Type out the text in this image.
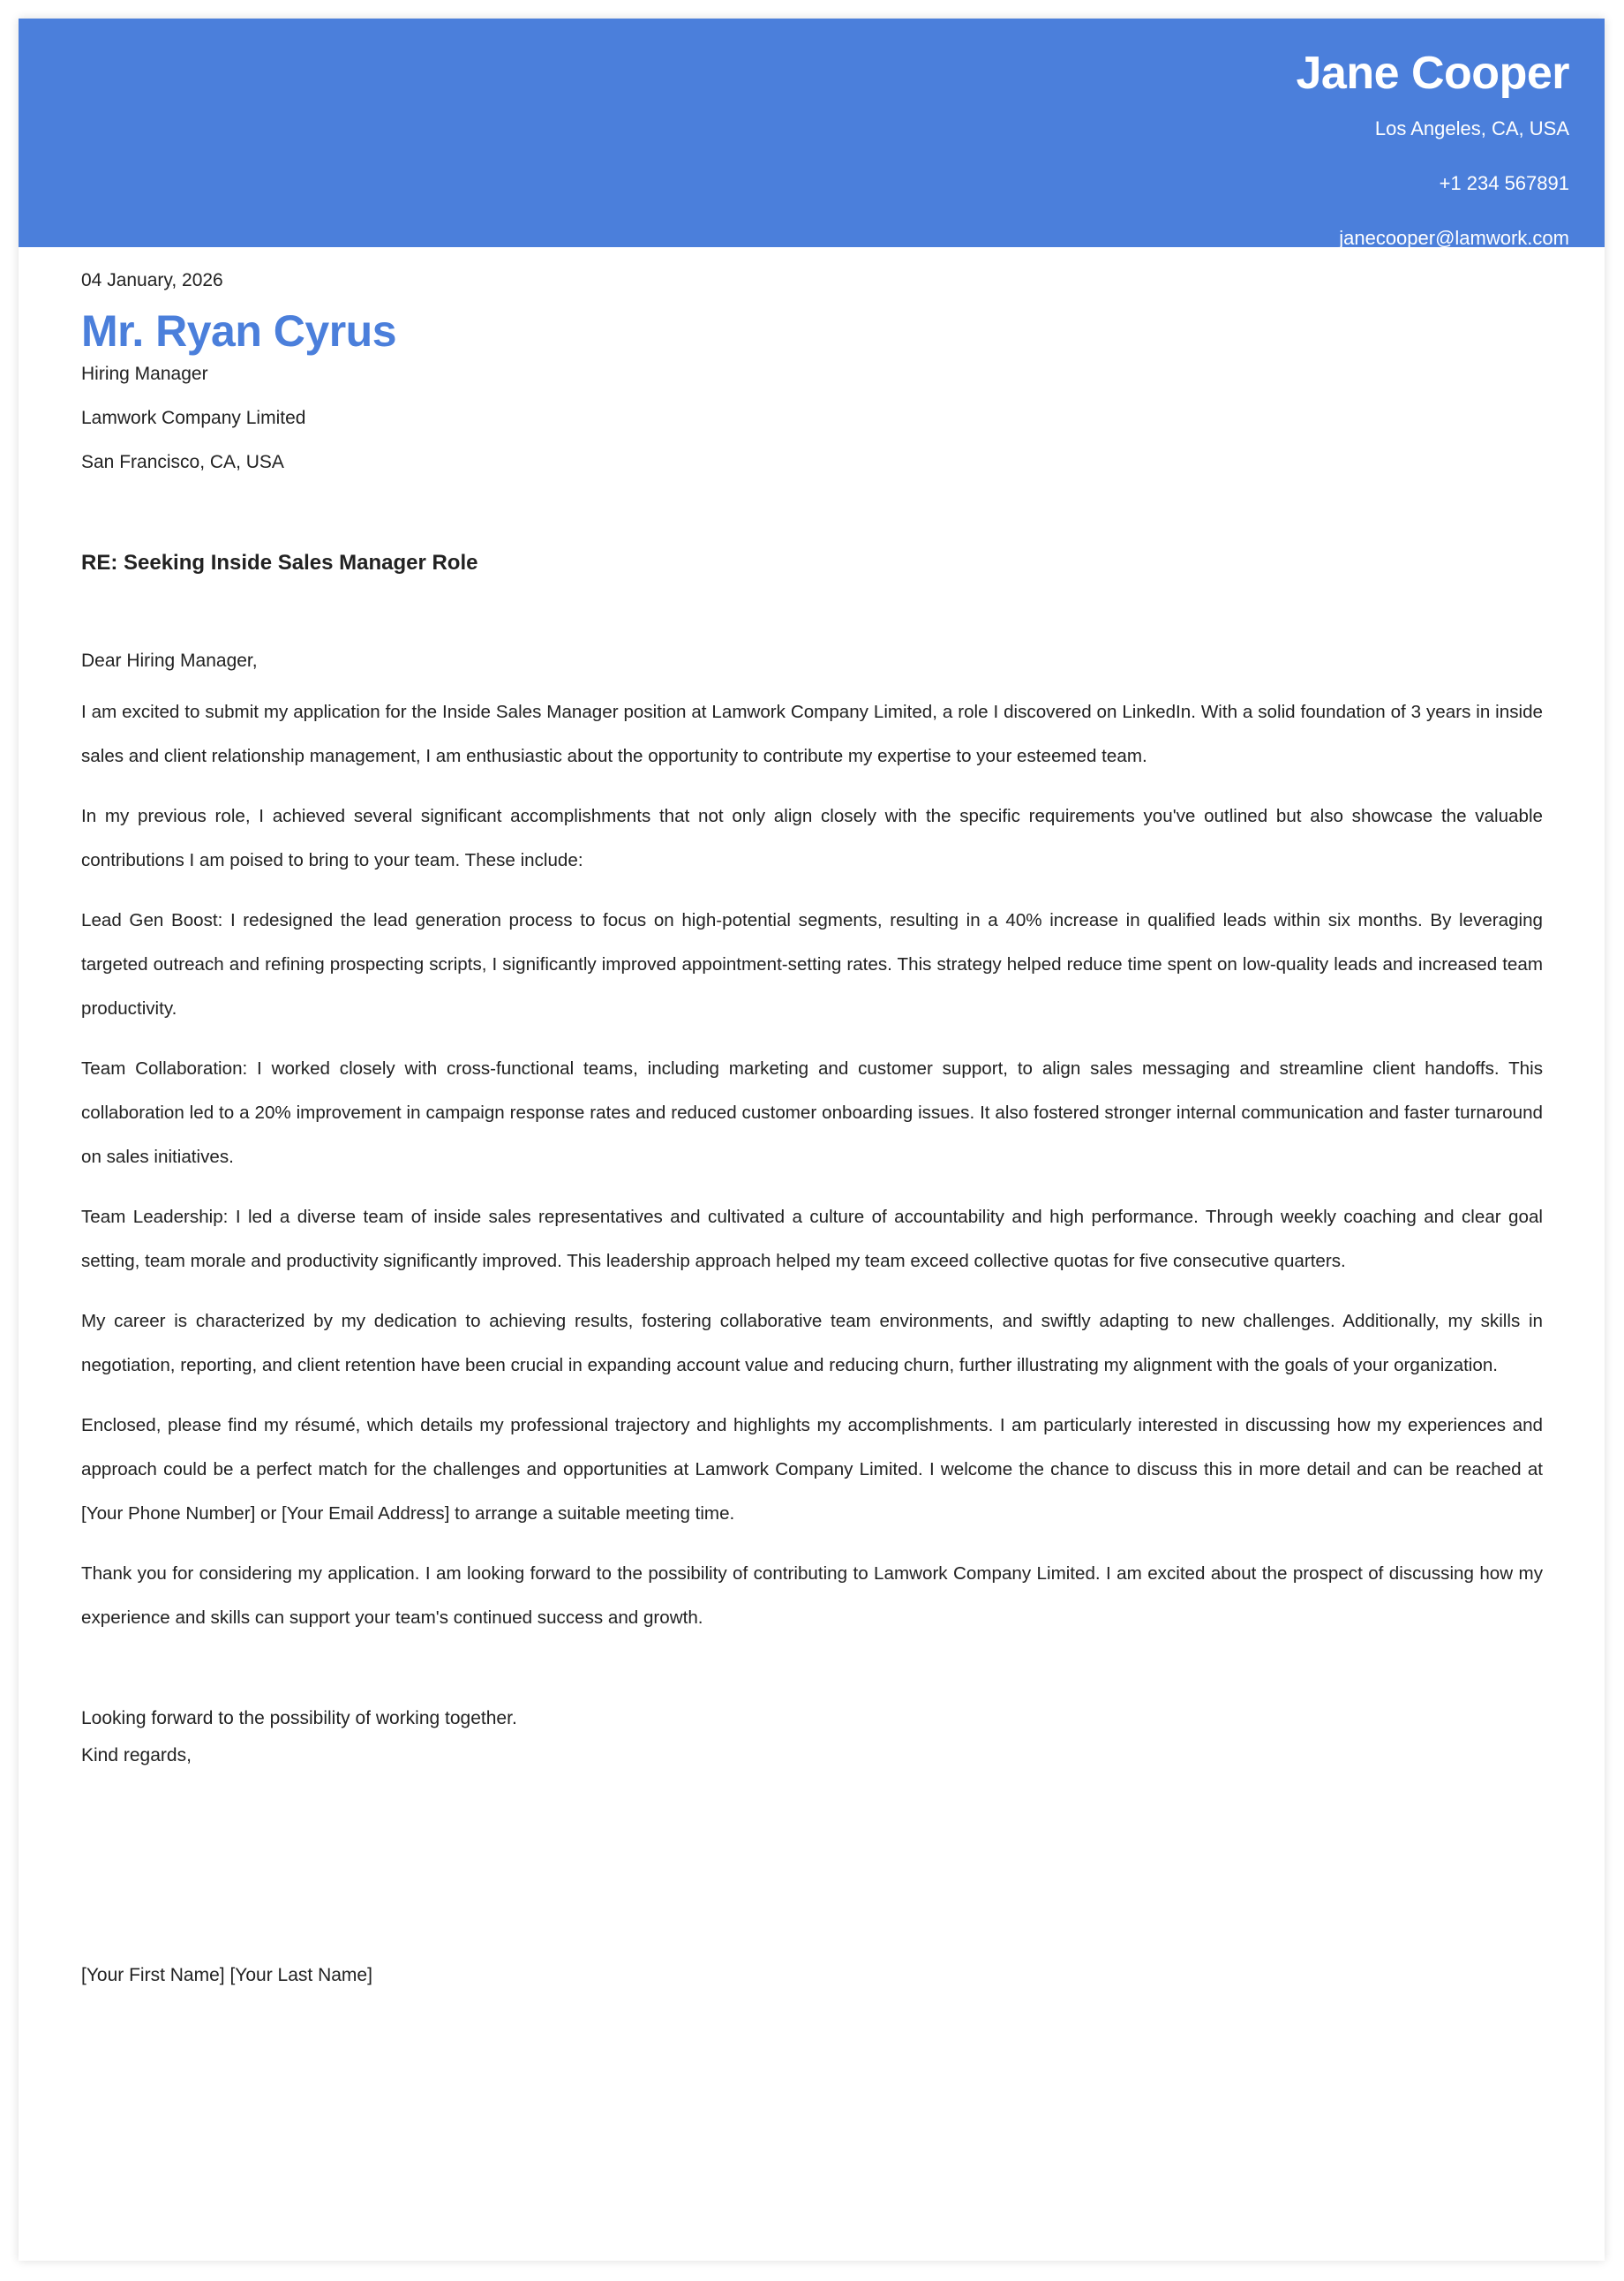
Jane Cooper
Los Angeles, CA, USA
+1 234 567891
janecooper@lamwork.com
04 January, 2026
Mr. Ryan Cyrus
Hiring Manager
Lamwork Company Limited
San Francisco, CA, USA
RE: Seeking Inside Sales Manager Role
Dear Hiring Manager,
I am excited to submit my application for the Inside Sales Manager position at Lamwork Company Limited, a role I discovered on LinkedIn. With a solid foundation of 3 years in inside sales and client relationship management, I am enthusiastic about the opportunity to contribute my expertise to your esteemed team.
In my previous role, I achieved several significant accomplishments that not only align closely with the specific requirements you've outlined but also showcase the valuable contributions I am poised to bring to your team. These include:
Lead Gen Boost: I redesigned the lead generation process to focus on high-potential segments, resulting in a 40% increase in qualified leads within six months. By leveraging targeted outreach and refining prospecting scripts, I significantly improved appointment-setting rates. This strategy helped reduce time spent on low-quality leads and increased team productivity.
Team Collaboration: I worked closely with cross-functional teams, including marketing and customer support, to align sales messaging and streamline client handoffs. This collaboration led to a 20% improvement in campaign response rates and reduced customer onboarding issues. It also fostered stronger internal communication and faster turnaround on sales initiatives.
Team Leadership: I led a diverse team of inside sales representatives and cultivated a culture of accountability and high performance. Through weekly coaching and clear goal setting, team morale and productivity significantly improved. This leadership approach helped my team exceed collective quotas for five consecutive quarters.
My career is characterized by my dedication to achieving results, fostering collaborative team environments, and swiftly adapting to new challenges. Additionally, my skills in negotiation, reporting, and client retention have been crucial in expanding account value and reducing churn, further illustrating my alignment with the goals of your organization.
Enclosed, please find my résumé, which details my professional trajectory and highlights my accomplishments. I am particularly interested in discussing how my experiences and approach could be a perfect match for the challenges and opportunities at Lamwork Company Limited. I welcome the chance to discuss this in more detail and can be reached at [Your Phone Number] or [Your Email Address] to arrange a suitable meeting time.
Thank you for considering my application. I am looking forward to the possibility of contributing to Lamwork Company Limited. I am excited about the prospect of discussing how my experience and skills can support your team's continued success and growth.
Looking forward to the possibility of working together.
Kind regards,
[Your First Name] [Your Last Name]
